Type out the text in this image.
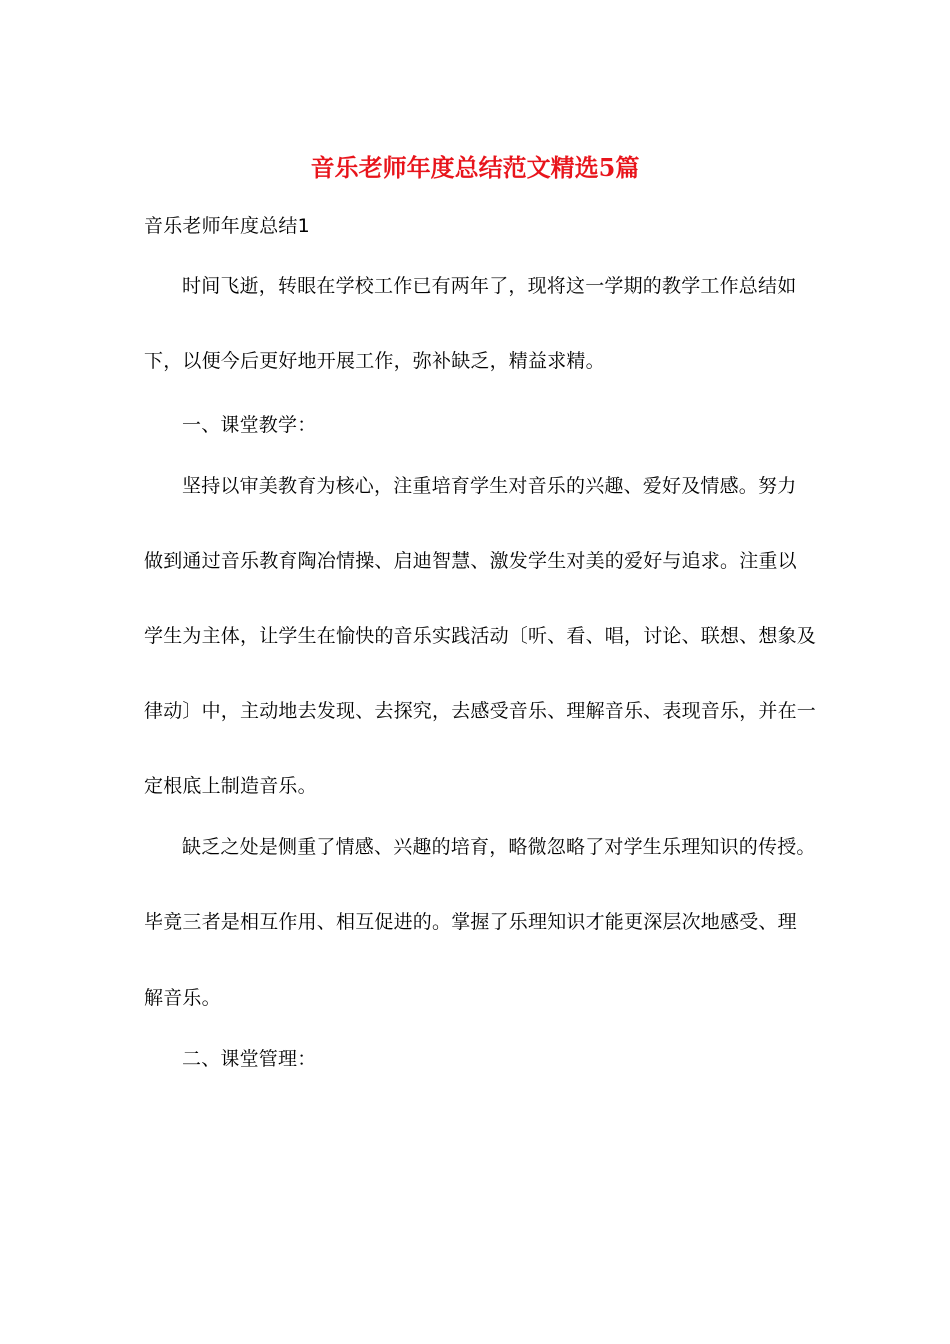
音乐老师年度总结范文精选5篇
音乐老师年度总结1
时间飞逝，转眼在学校工作已有两年了，现将这一学期的教学工作总结如
下，以便今后更好地开展工作，弥补缺乏，精益求精。
一、课堂教学：
坚持以审美教育为核心，注重培育学生对音乐的兴趣、爱好及情感。努力
做到通过音乐教育陶冶情操、启迪智慧、激发学生对美的爱好与追求。注重以
学生为主体，让学生在愉快的音乐实践活动〔听、看、唱，讨论、联想、想象及
律动〕中，主动地去发现、去探究，去感受音乐、理解音乐、表现音乐，并在一
定根底上制造音乐。
缺乏之处是侧重了情感、兴趣的培育，略微忽略了对学生乐理知识的传授。
毕竟三者是相互作用、相互促进的。掌握了乐理知识才能更深层次地感受、理
解音乐。
二、课堂管理：
